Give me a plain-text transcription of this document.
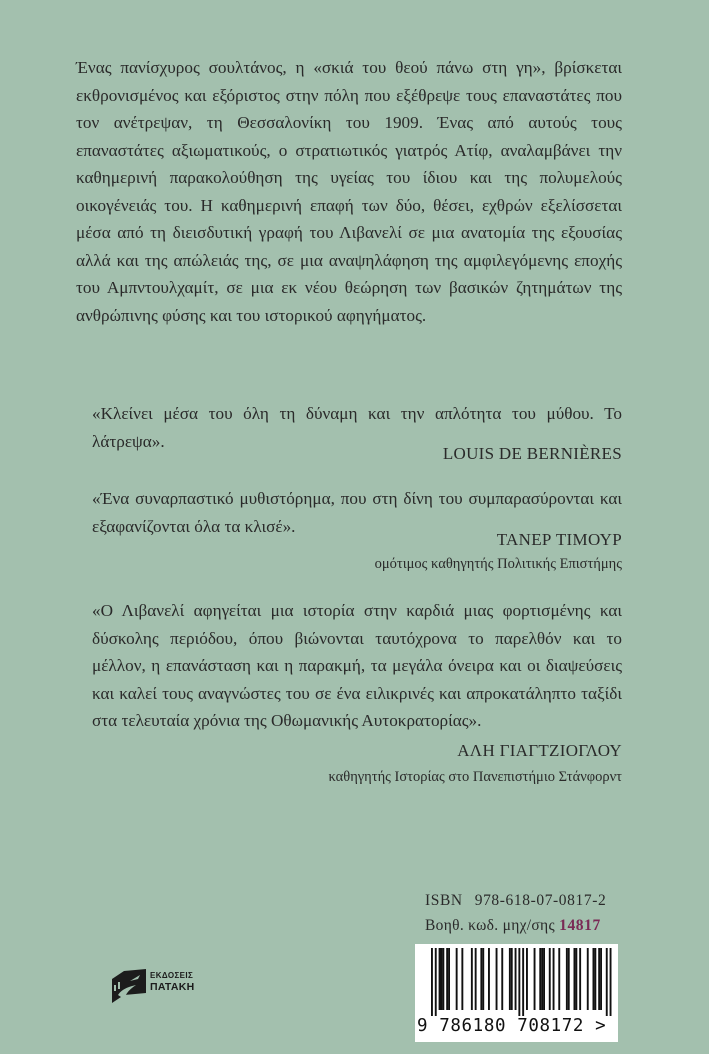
Ένας πανίσχυρος σουλτάνος, η «σκιά του θεού πάνω στη γη», βρίσκεται εκθρονισμένος και εξόριστος στην πόλη που εξέθρεψε τους επαναστάτες που τον ανέτρεψαν, τη Θεσσαλονίκη του 1909. Ένας από αυτούς τους επαναστάτες αξιωματικούς, ο στρατιωτικός γιατρός Ατίφ, αναλαμβάνει την καθημερινή παρακολούθηση της υγείας του ίδιου και της πολυμελούς οικογένειάς του. Η καθημερινή επαφή των δύο, θέσει, εχθρών εξελίσσεται μέσα από τη διεισδυτική γραφή του Λιβανελί σε μια ανατομία της εξουσίας αλλά και της απώλειάς της, σε μια αναψηλάφηση της αμφιλεγόμενης εποχής του Αμπντουλχαμίτ, σε μια εκ νέου θεώρηση των βασικών ζητημάτων της ανθρώπινης φύσης και του ιστορικού αφηγήματος.

«Κλείνει μέσα του όλη τη δύναμη και την απλότητα του μύθου. Το λάτρεψα».

LOUIS DE BERNIÈRES

«Ένα συναρπαστικό μυθιστόρημα, που στη δίνη του συμπαρασύρονται και εξαφανίζονται όλα τα κλισέ».

ΤΑΝΕΡ ΤΙΜΟΥΡ
ομότιμος καθηγητής Πολιτικής Επιστήμης

«Ο Λιβανελί αφηγείται μια ιστορία στην καρδιά μιας φορτισμένης και δύσκολης περιόδου, όπου βιώνονται ταυτόχρονα το παρελθόν και το μέλλον, η επανάσταση και η παρακμή, τα μεγάλα όνειρα και οι διαψεύσεις και καλεί τους αναγνώστες του σε ένα ειλικρινές και απροκατάληπτο ταξίδι στα τελευταία χρόνια της Οθωμανικής Αυτοκρατορίας».

ΑΛΗ ΓΙΑΓΤΖΙΟΓΛΟΥ
καθηγητής Ιστορίας στο Πανεπιστήμιο Στάνφορντ
ISBN 978-618-07-0817-2
Βοηθ. κωδ. μηχ/σης 14817
9 786180 708172 >
ΕΚΔΟΣΕΙΣ
ΠΑΤΑΚΗ
